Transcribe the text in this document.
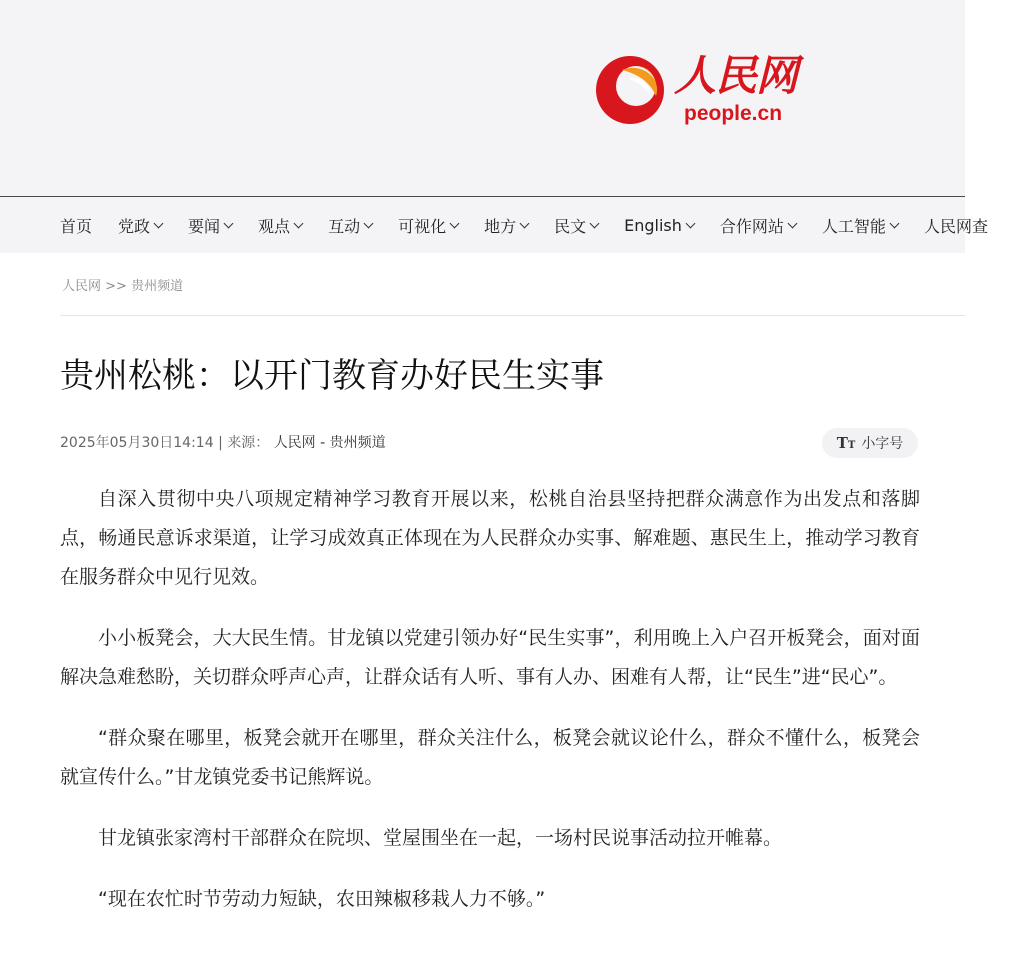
人民网
people.cn
首页 党政 要闻 观点 互动 可视化 地方 民文 English 合作网站 人工智能 人民网查
人民网 >> 贵州频道
贵州松桃：以开门教育办好民生实事
2025年05月30日14:14 | 来源： 人民网 - 贵州频道	TT 小字号

自深入贯彻中央八项规定精神学习教育开展以来，松桃自治县坚持把群众满意作为出发点和落脚点，畅通民意诉求渠道，让学习成效真正体现在为人民群众办实事、解难题、惠民生上，推动学习教育在服务群众中见行见效。

小小板凳会，大大民生情。甘龙镇以党建引领办好“民生实事”，利用晚上入户召开板凳会，面对面解决急难愁盼，关切群众呼声心声，让群众话有人听、事有人办、困难有人帮，让“民生”进“民心”。

“群众聚在哪里，板凳会就开在哪里，群众关注什么，板凳会就议论什么，群众不懂什么，板凳会就宣传什么。”甘龙镇党委书记熊辉说。

甘龙镇张家湾村干部群众在院坝、堂屋围坐在一起，一场村民说事活动拉开帷幕。

“现在农忙时节劳动力短缺，农田辣椒移栽人力不够。”
